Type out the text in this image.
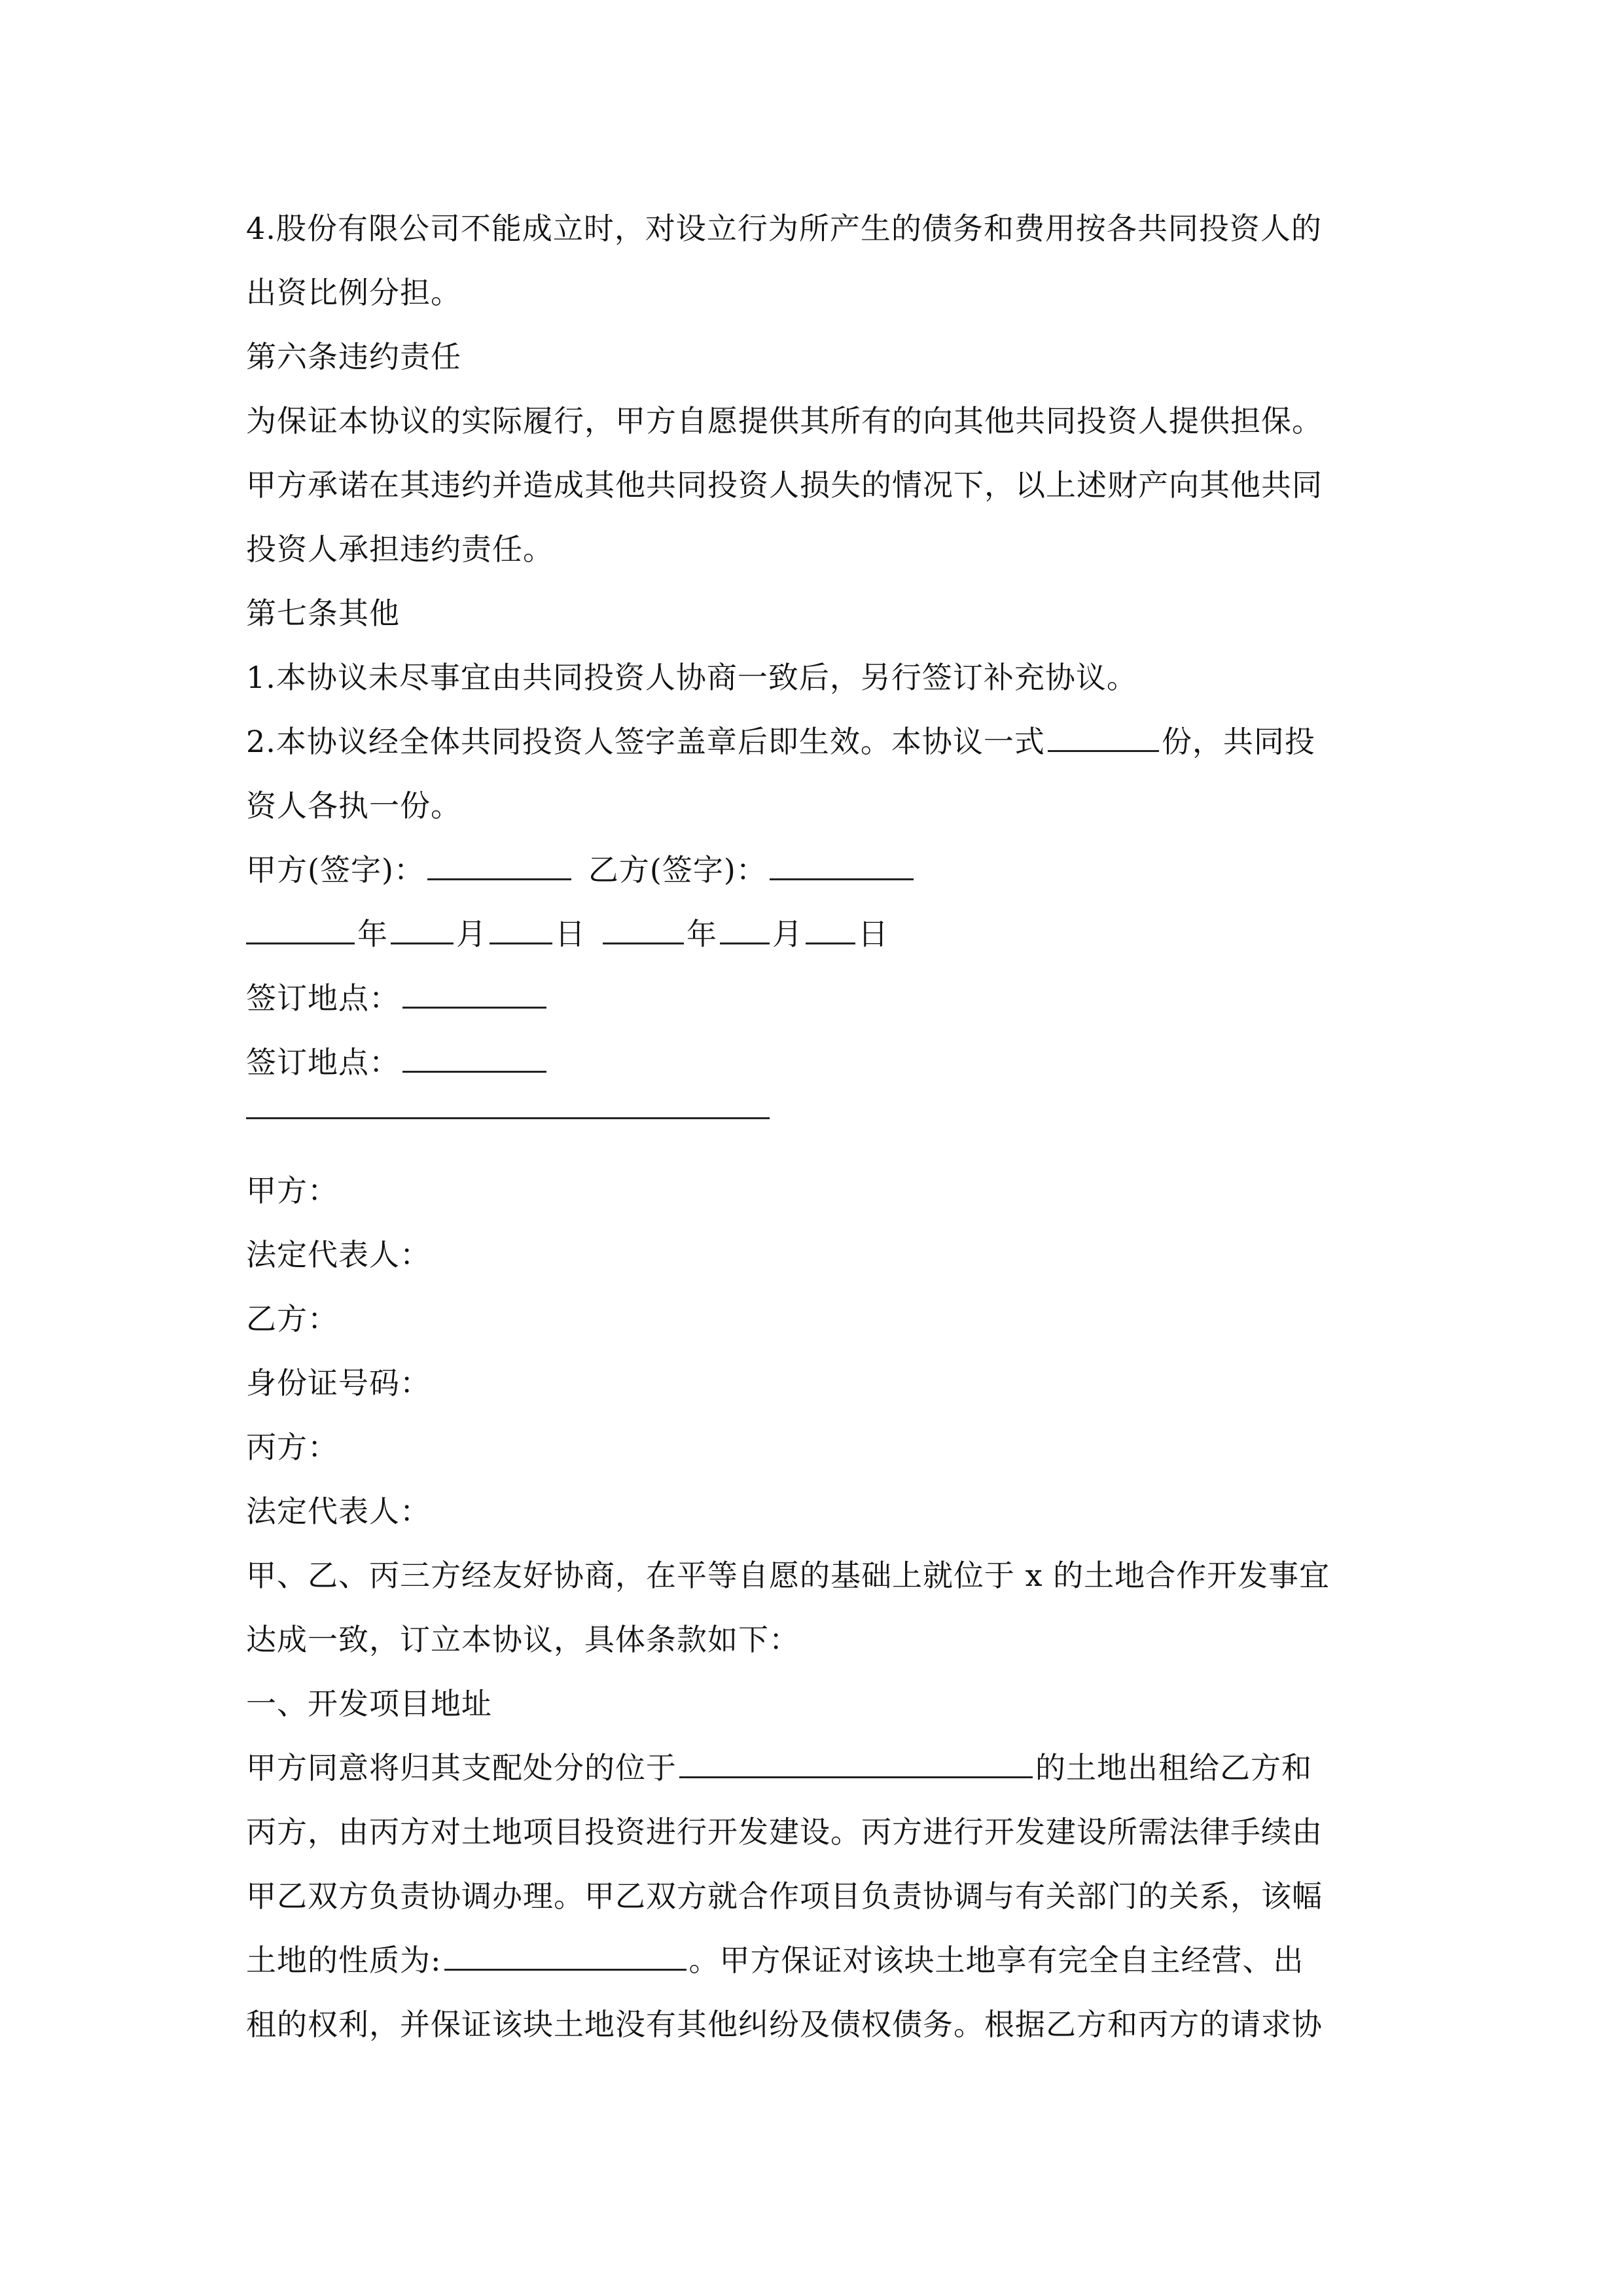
4.股份有限公司不能成立时，对设立行为所产生的债务和费用按各共同投资人的
出资比例分担。
第六条违约责任
为保证本协议的实际履行，甲方自愿提供其所有的向其他共同投资人提供担保。
甲方承诺在其违约并造成其他共同投资人损失的情况下，以上述财产向其他共同
投资人承担违约责任。
第七条其他
1.本协议未尽事宜由共同投资人协商一致后，另行签订补充协议。
2.本协议经全体共同投资人签字盖章后即生效。本协议一式	份，共同投
资人各执一份。
甲方(签字)：	乙方(签字)：
年 月 日	年 月 日
签订地点：
签订地点：
甲方：
法定代表人：
乙方：
身份证号码：
丙方：
法定代表人：
甲、乙、丙三方经友好协商，在平等自愿的基础上就位于 x 的土地合作开发事宜
达成一致，订立本协议，具体条款如下：
一、开发项目地址
甲方同意将归其支配处分的位于	的土地出租给乙方和
丙方，由丙方对土地项目投资进行开发建设。丙方进行开发建设所需法律手续由
甲乙双方负责协调办理。甲乙双方就合作项目负责协调与有关部门的关系，该幅
土地的性质为:	。甲方保证对该块土地享有完全自主经营、出
租的权利，并保证该块土地没有其他纠纷及债权债务。根据乙方和丙方的请求协
